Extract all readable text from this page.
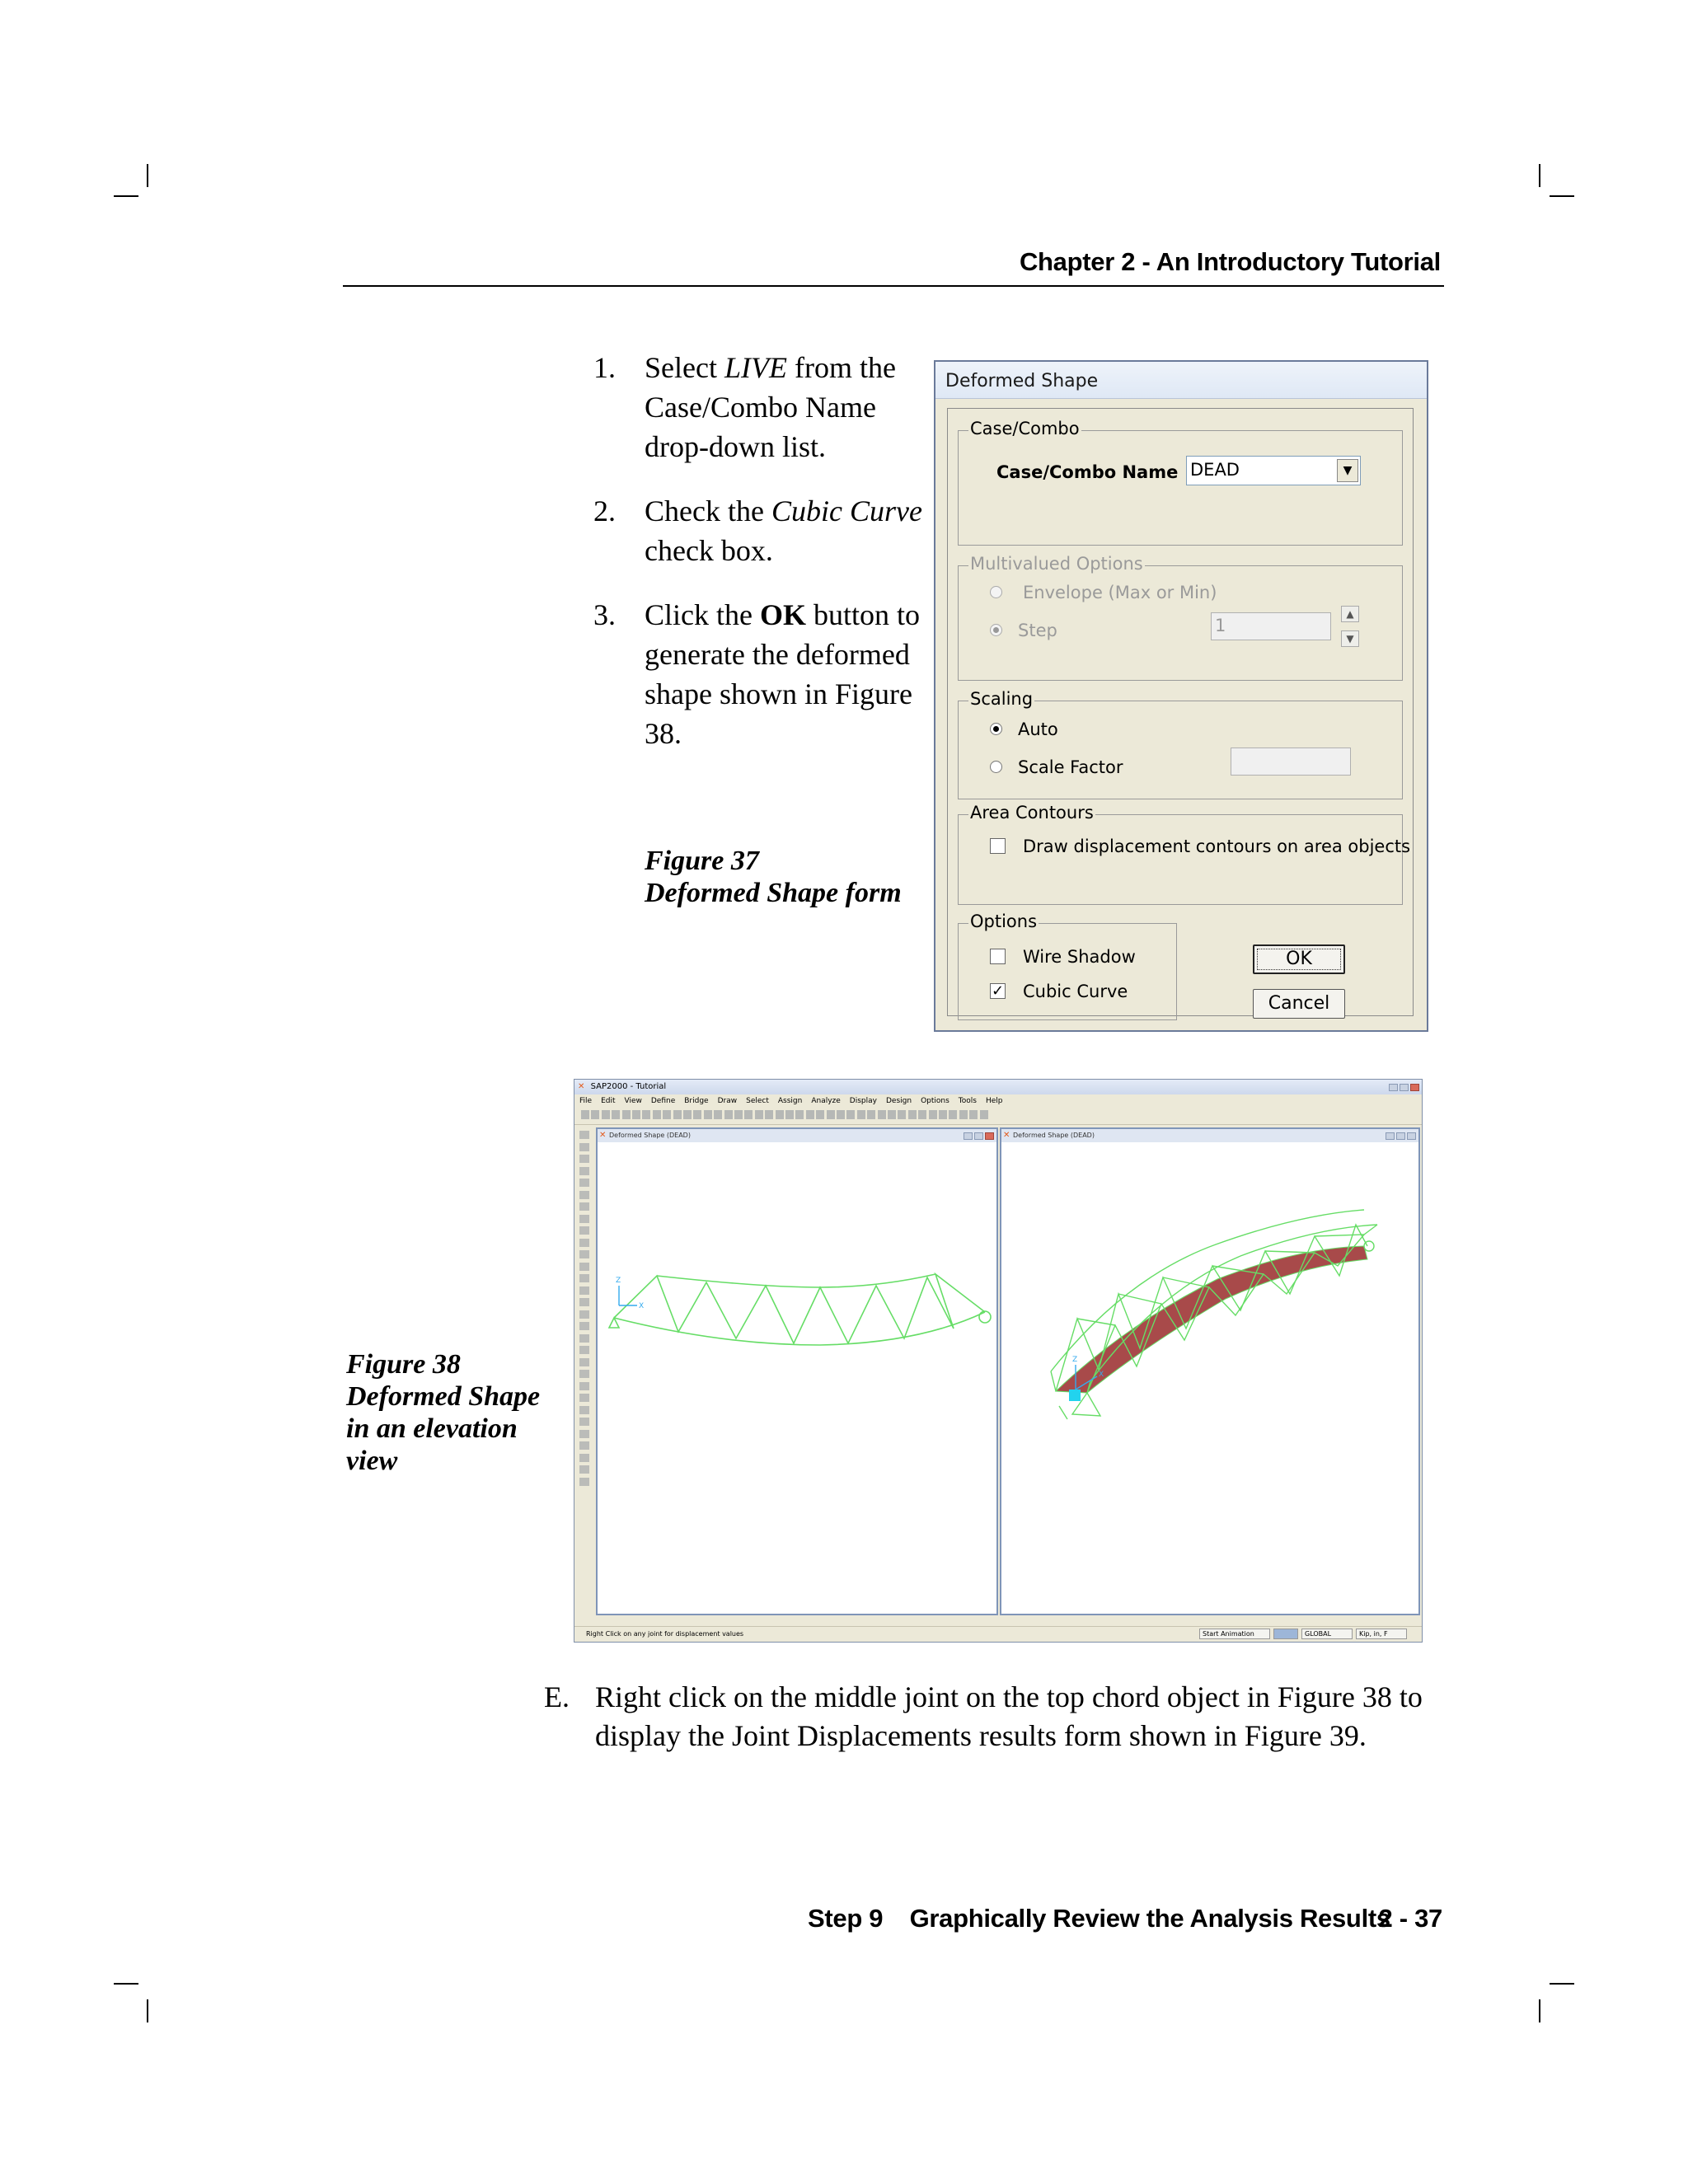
Chapter 2 - An Introductory Tutorial
1. Select LIVE from the Case/Combo Name drop-down list.
2. Check the Cubic Curve check box.
3. Click the OK button to generate the deformed shape shown in Figure 38.
Figure 37
Deformed Shape form
Deformed Shape
Case/Combo
Case/Combo Name DEAD	▼
Multivalued Options
Envelope (Max or Min)
Step	1
▲
▼
Scaling
Auto
Scale Factor
Area Contours
Draw displacement contours on area objects
Options
Wire Shadow
✓ Cubic Curve
OK
Cancel
Figure 38
Deformed Shape
in an elevation
view
✕ SAP2000 - Tutorial
File Edit View Define Bridge Draw Select Assign Analyze Display Design Options Tools Help
✕ Deformed Shape (DEAD)
Z
X
✕ Deformed Shape (DEAD)
Z
X
Right Click on any joint for displacement values	Start Animation	GLOBAL	Kip, in, F
E. Right click on the middle joint on the top chord object in Figure 38 to display the Joint Displacements results form shown in Figure 39.
Step 9 Graphically Review the Analysis Results
2 - 37
